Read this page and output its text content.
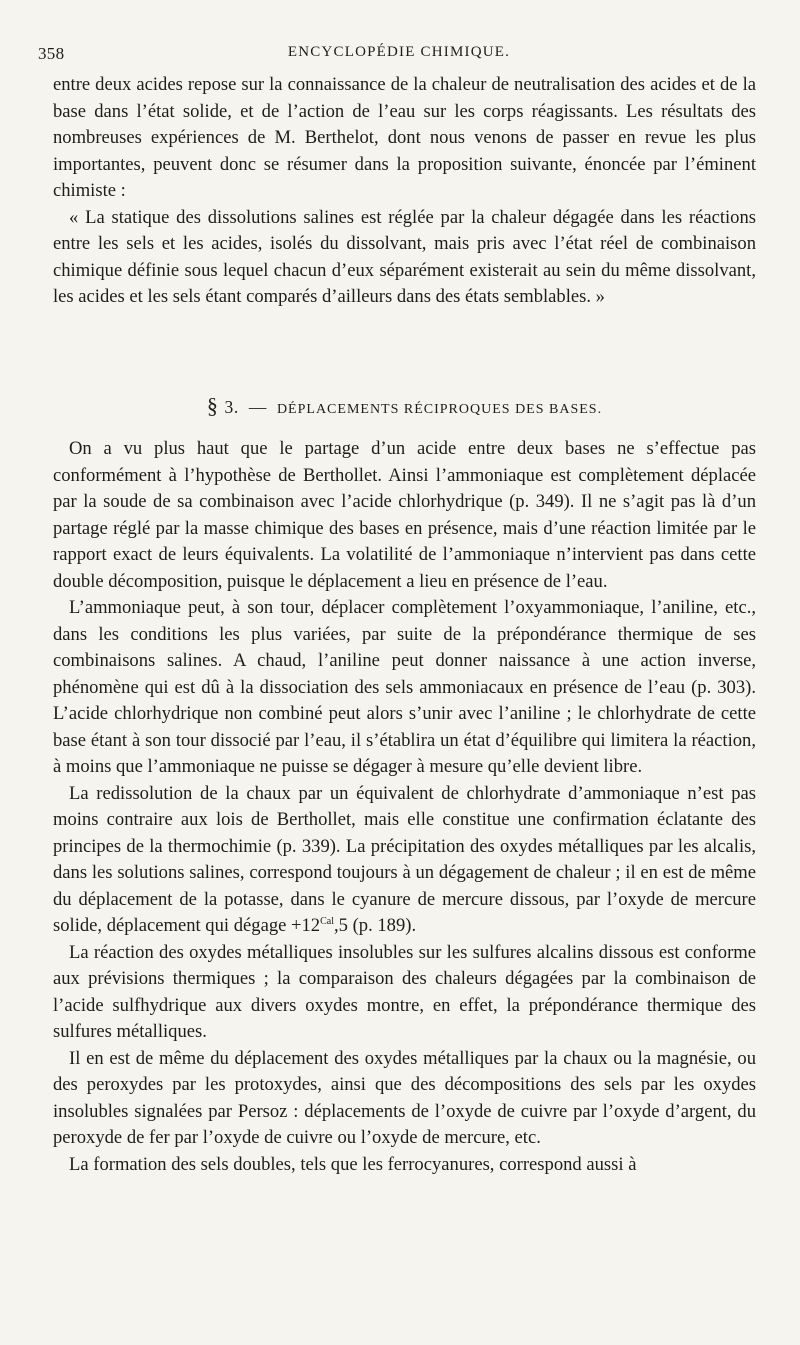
358	ENCYCLOPÉDIE CHIMIQUE.

entre deux acides repose sur la connaissance de la chaleur de neutralisation des acides et de la base dans l’état solide, et de l’action de l’eau sur les corps réagissants. Les résultats des nombreuses expériences de M. Berthelot, dont nous venons de passer en revue les plus importantes, peuvent donc se résumer dans la proposition suivante, énoncée par l’éminent chimiste :

« La statique des dissolutions salines est réglée par la chaleur dégagée dans les réactions entre les sels et les acides, isolés du dissolvant, mais pris avec l’état réel de combinaison chimique définie sous lequel chacun d’eux séparément existerait au sein du même dissolvant, les acides et les sels étant comparés d’ailleurs dans des états semblables. »

§ 3. — DÉPLACEMENTS RÉCIPROQUES DES BASES.

On a vu plus haut que le partage d’un acide entre deux bases ne s’effectue pas conformément à l’hypothèse de Berthollet. Ainsi l’ammoniaque est complètement déplacée par la soude de sa combinaison avec l’acide chlorhydrique (p. 349). Il ne s’agit pas là d’un partage réglé par la masse chimique des bases en présence, mais d’une réaction limitée par le rapport exact de leurs équivalents. La volatilité de l’ammoniaque n’intervient pas dans cette double décomposition, puisque le déplacement a lieu en présence de l’eau.

L’ammoniaque peut, à son tour, déplacer complètement l’oxyammoniaque, l’aniline, etc., dans les conditions les plus variées, par suite de la prépondérance thermique de ses combinaisons salines. A chaud, l’aniline peut donner naissance à une action inverse, phénomène qui est dû à la dissociation des sels ammoniacaux en présence de l’eau (p. 303). L’acide chlorhydrique non combiné peut alors s’unir avec l’aniline ; le chlorhydrate de cette base étant à son tour dissocié par l’eau, il s’établira un état d’équilibre qui limitera la réaction, à moins que l’ammoniaque ne puisse se dégager à mesure qu’elle devient libre.

La redissolution de la chaux par un équivalent de chlorhydrate d’ammoniaque n’est pas moins contraire aux lois de Berthollet, mais elle constitue une confirmation éclatante des principes de la thermochimie (p. 339). La précipitation des oxydes métalliques par les alcalis, dans les solutions salines, correspond toujours à un dégagement de chaleur ; il en est de même du déplacement de la potasse, dans le cyanure de mercure dissous, par l’oxyde de mercure solide, déplacement qui dégage $+12^{Cal},5$ (p. 189).

La réaction des oxydes métalliques insolubles sur les sulfures alcalins dissous est conforme aux prévisions thermiques ; la comparaison des chaleurs dégagées par la combinaison de l’acide sulfhydrique aux divers oxydes montre, en effet, la prépondérance thermique des sulfures métalliques.

Il en est de même du déplacement des oxydes métalliques par la chaux ou la magnésie, ou des peroxydes par les protoxydes, ainsi que des décompositions des sels par les oxydes insolubles signalées par Persoz : déplacements de l’oxyde de cuivre par l’oxyde d’argent, du peroxyde de fer par l’oxyde de cuivre ou l’oxyde de mercure, etc.

La formation des sels doubles, tels que les ferrocyanures, correspond aussi à
